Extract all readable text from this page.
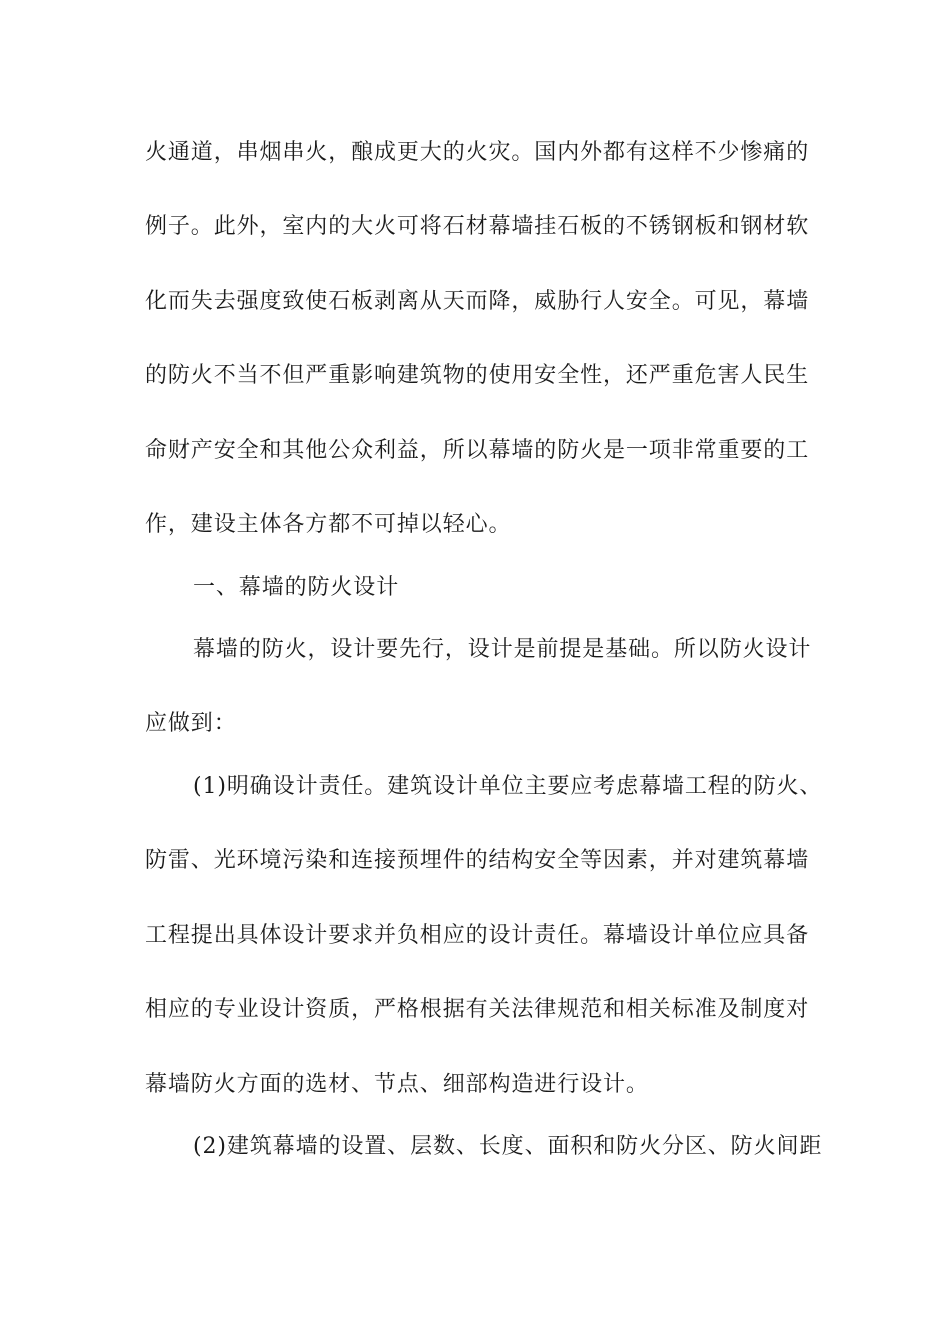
火通道，串烟串火，酿成更大的火灾。国内外都有这样不少惨痛的
例子。此外，室内的大火可将石材幕墙挂石板的不锈钢板和钢材软
化而失去强度致使石板剥离从天而降，威胁行人安全。可见，幕墙
的防火不当不但严重影响建筑物的使用安全性，还严重危害人民生
命财产安全和其他公众利益，所以幕墙的防火是一项非常重要的工
作，建设主体各方都不可掉以轻心。
一、幕墙的防火设计
幕墙的防火，设计要先行，设计是前提是基础。所以防火设计
应做到：
(1)明确设计责任。建筑设计单位主要应考虑幕墙工程的防火、
防雷、光环境污染和连接预埋件的结构安全等因素，并对建筑幕墙
工程提出具体设计要求并负相应的设计责任。幕墙设计单位应具备
相应的专业设计资质，严格根据有关法律规范和相关标准及制度对
幕墙防火方面的选材、节点、细部构造进行设计。
(2)建筑幕墙的设置、层数、长度、面积和防火分区、防火间距
